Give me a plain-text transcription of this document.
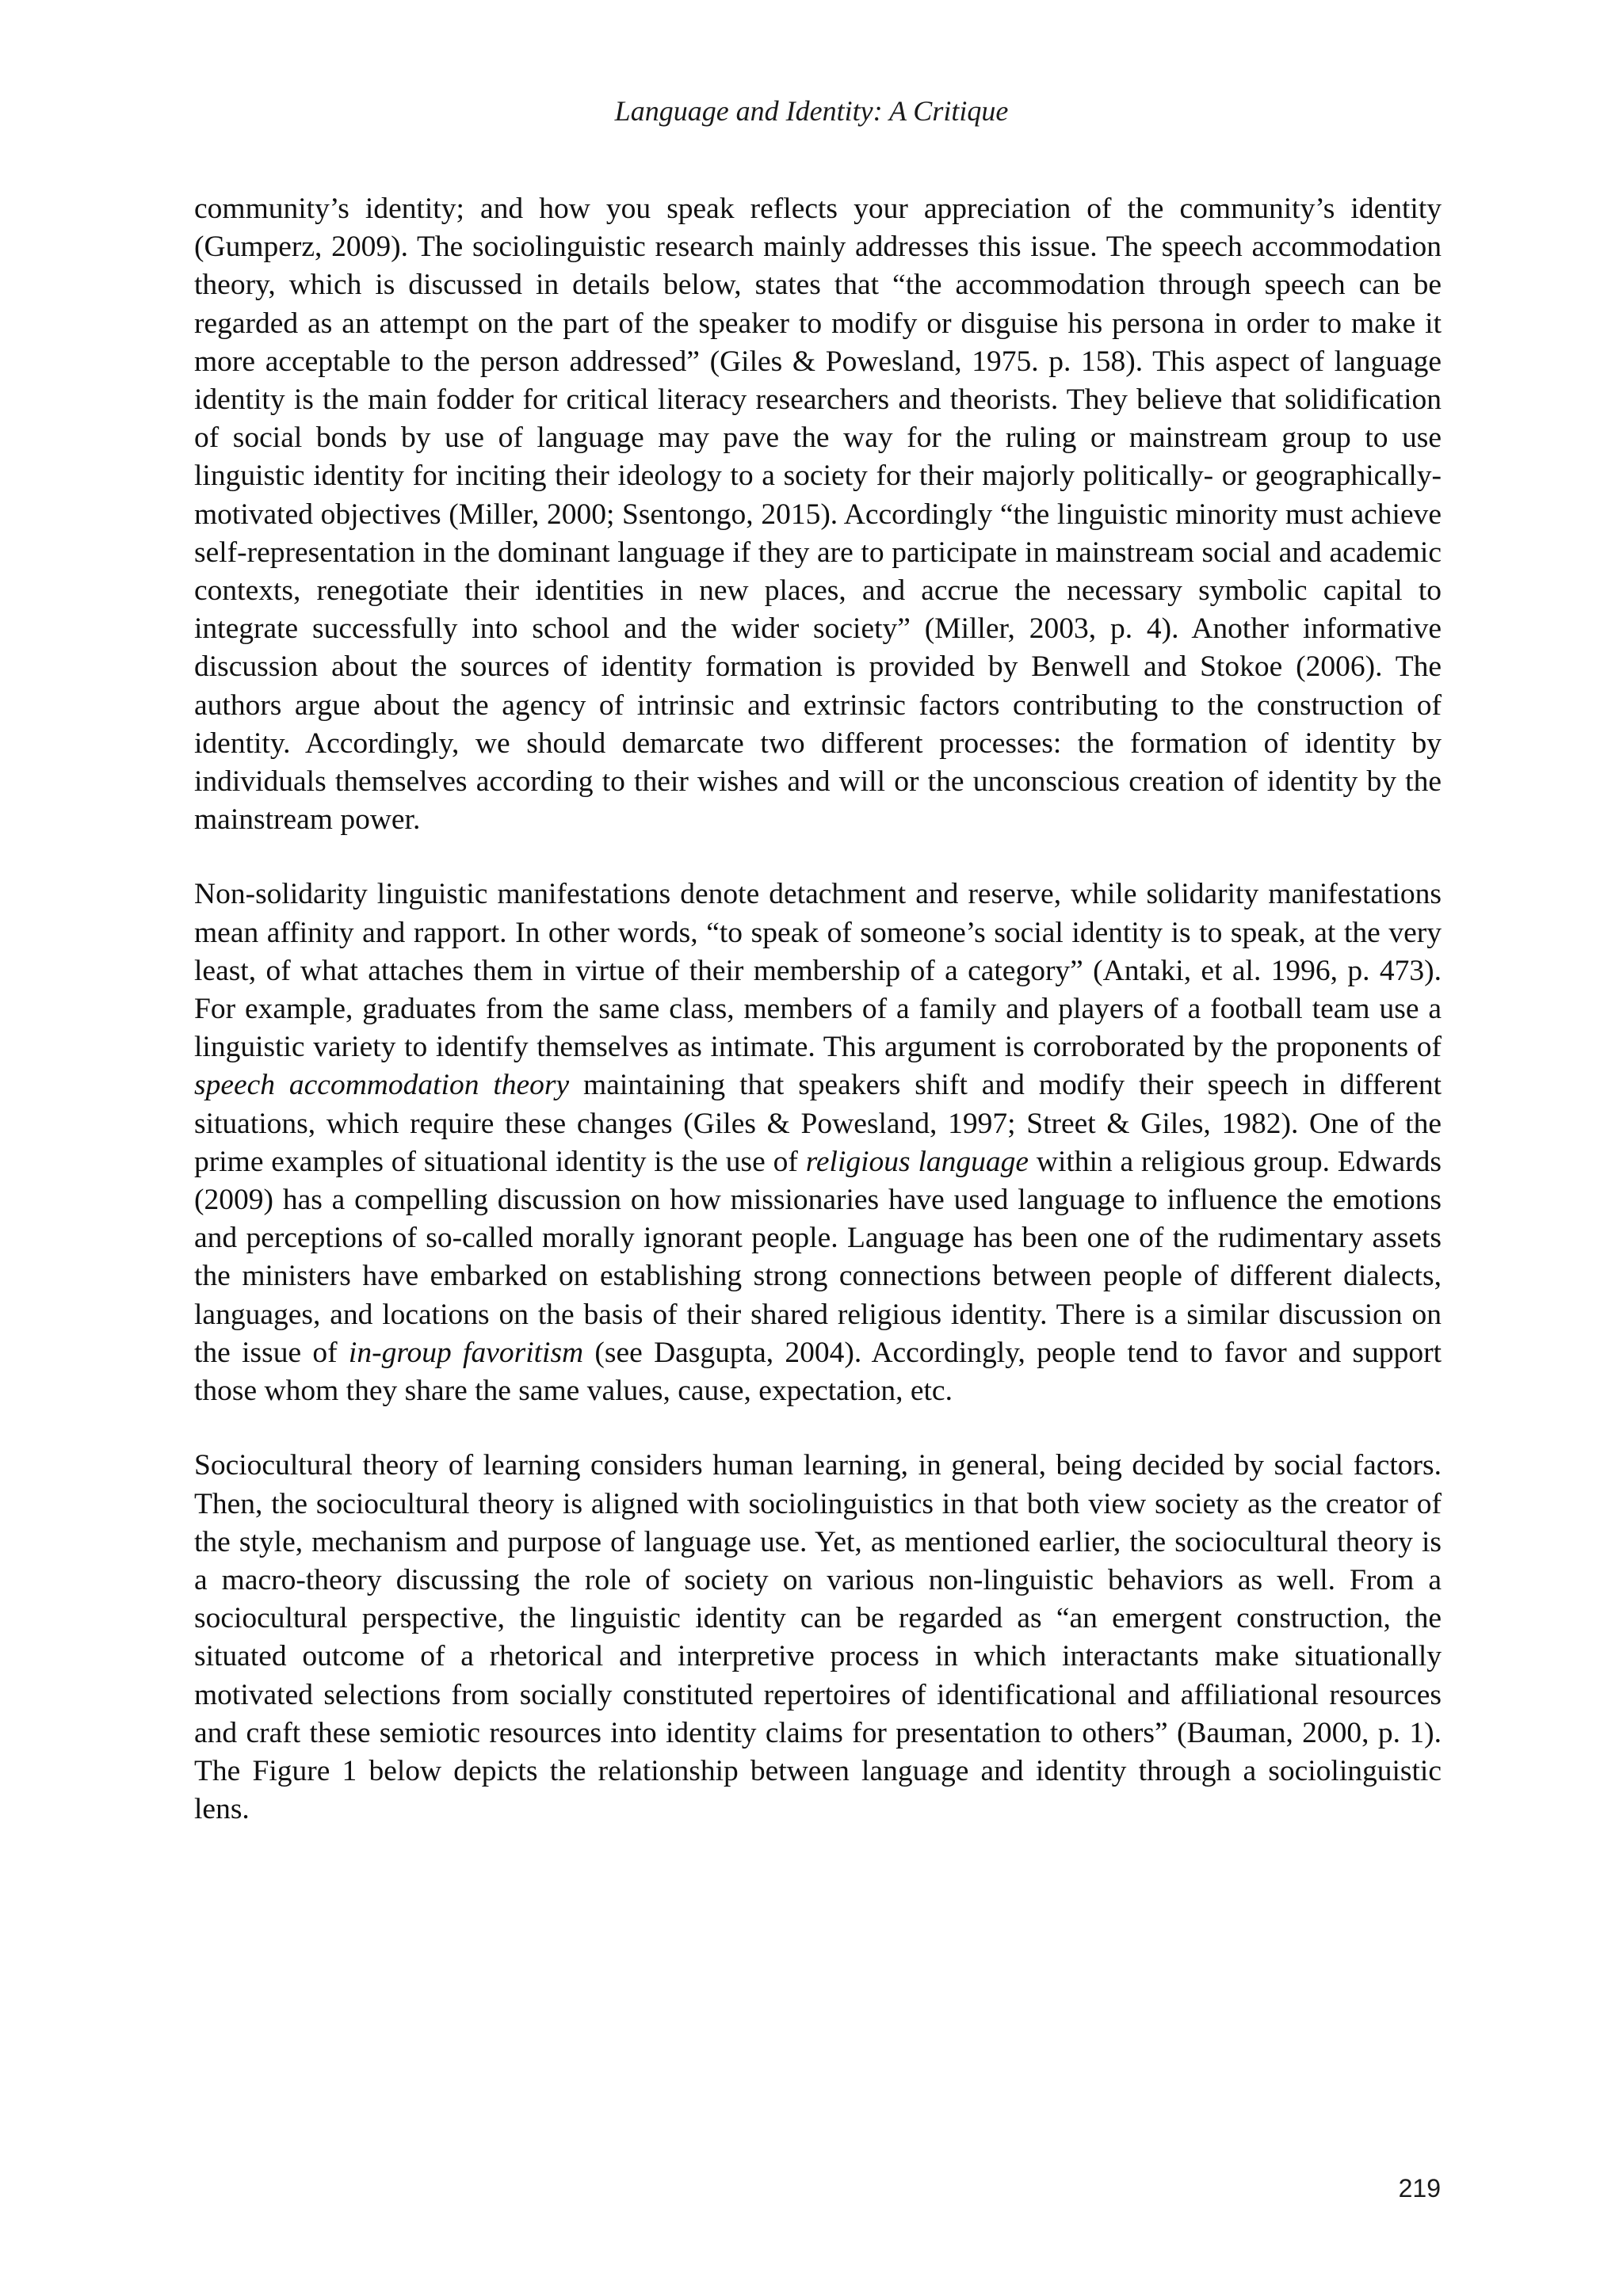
Language and Identity: A Critique

community’s identity; and how you speak reflects your appreciation of the community’s identity (Gumperz, 2009). The sociolinguistic research mainly addresses this issue. The speech accommodation theory, which is discussed in details below, states that “the accommodation through speech can be regarded as an attempt on the part of the speaker to modify or disguise his persona in order to make it more acceptable to the person addressed” (Giles & Powesland, 1975. p. 158). This aspect of language identity is the main fodder for critical literacy researchers and theorists. They believe that solidification of social bonds by use of language may pave the way for the ruling or mainstream group to use linguistic identity for inciting their ideology to a society for their majorly politically- or geographically-motivated objectives (Miller, 2000; Ssentongo, 2015). Accordingly “the linguistic minority must achieve self-representation in the dominant language if they are to participate in mainstream social and academic contexts, renegotiate their identities in new places, and accrue the necessary symbolic capital to integrate successfully into school and the wider society” (Miller, 2003, p. 4). Another informative discussion about the sources of identity formation is provided by Benwell and Stokoe (2006). The authors argue about the agency of intrinsic and extrinsic factors contributing to the construction of identity. Accordingly, we should demarcate two different processes: the formation of identity by individuals themselves according to their wishes and will or the unconscious creation of identity by the mainstream power.

Non-solidarity linguistic manifestations denote detachment and reserve, while solidarity manifestations mean affinity and rapport. In other words, “to speak of someone’s social identity is to speak, at the very least, of what attaches them in virtue of their membership of a category” (Antaki, et al. 1996, p. 473). For example, graduates from the same class, members of a family and players of a football team use a linguistic variety to identify themselves as intimate. This argument is corroborated by the proponents of speech accommodation theory maintaining that speakers shift and modify their speech in different situations, which require these changes (Giles & Powesland, 1997; Street & Giles, 1982). One of the prime examples of situational identity is the use of religious language within a religious group. Edwards (2009) has a compelling discussion on how missionaries have used language to influence the emotions and perceptions of so-called morally ignorant people. Language has been one of the rudimentary assets the ministers have embarked on establishing strong connections between people of different dialects, languages, and locations on the basis of their shared religious identity. There is a similar discussion on the issue of in-group favoritism (see Dasgupta, 2004). Accordingly, people tend to favor and support those whom they share the same values, cause, expectation, etc.

Sociocultural theory of learning considers human learning, in general, being decided by social factors. Then, the sociocultural theory is aligned with sociolinguistics in that both view society as the creator of the style, mechanism and purpose of language use. Yet, as mentioned earlier, the sociocultural theory is a macro-theory discussing the role of society on various non-linguistic behaviors as well. From a sociocultural perspective, the linguistic identity can be regarded as “an emergent construction, the situated outcome of a rhetorical and interpretive process in which interactants make situationally motivated selections from socially constituted repertoires of identificational and affiliational resources and craft these semiotic resources into identity claims for presentation to others” (Bauman, 2000, p. 1). The Figure 1 below depicts the relationship between language and identity through a sociolinguistic lens.

219
